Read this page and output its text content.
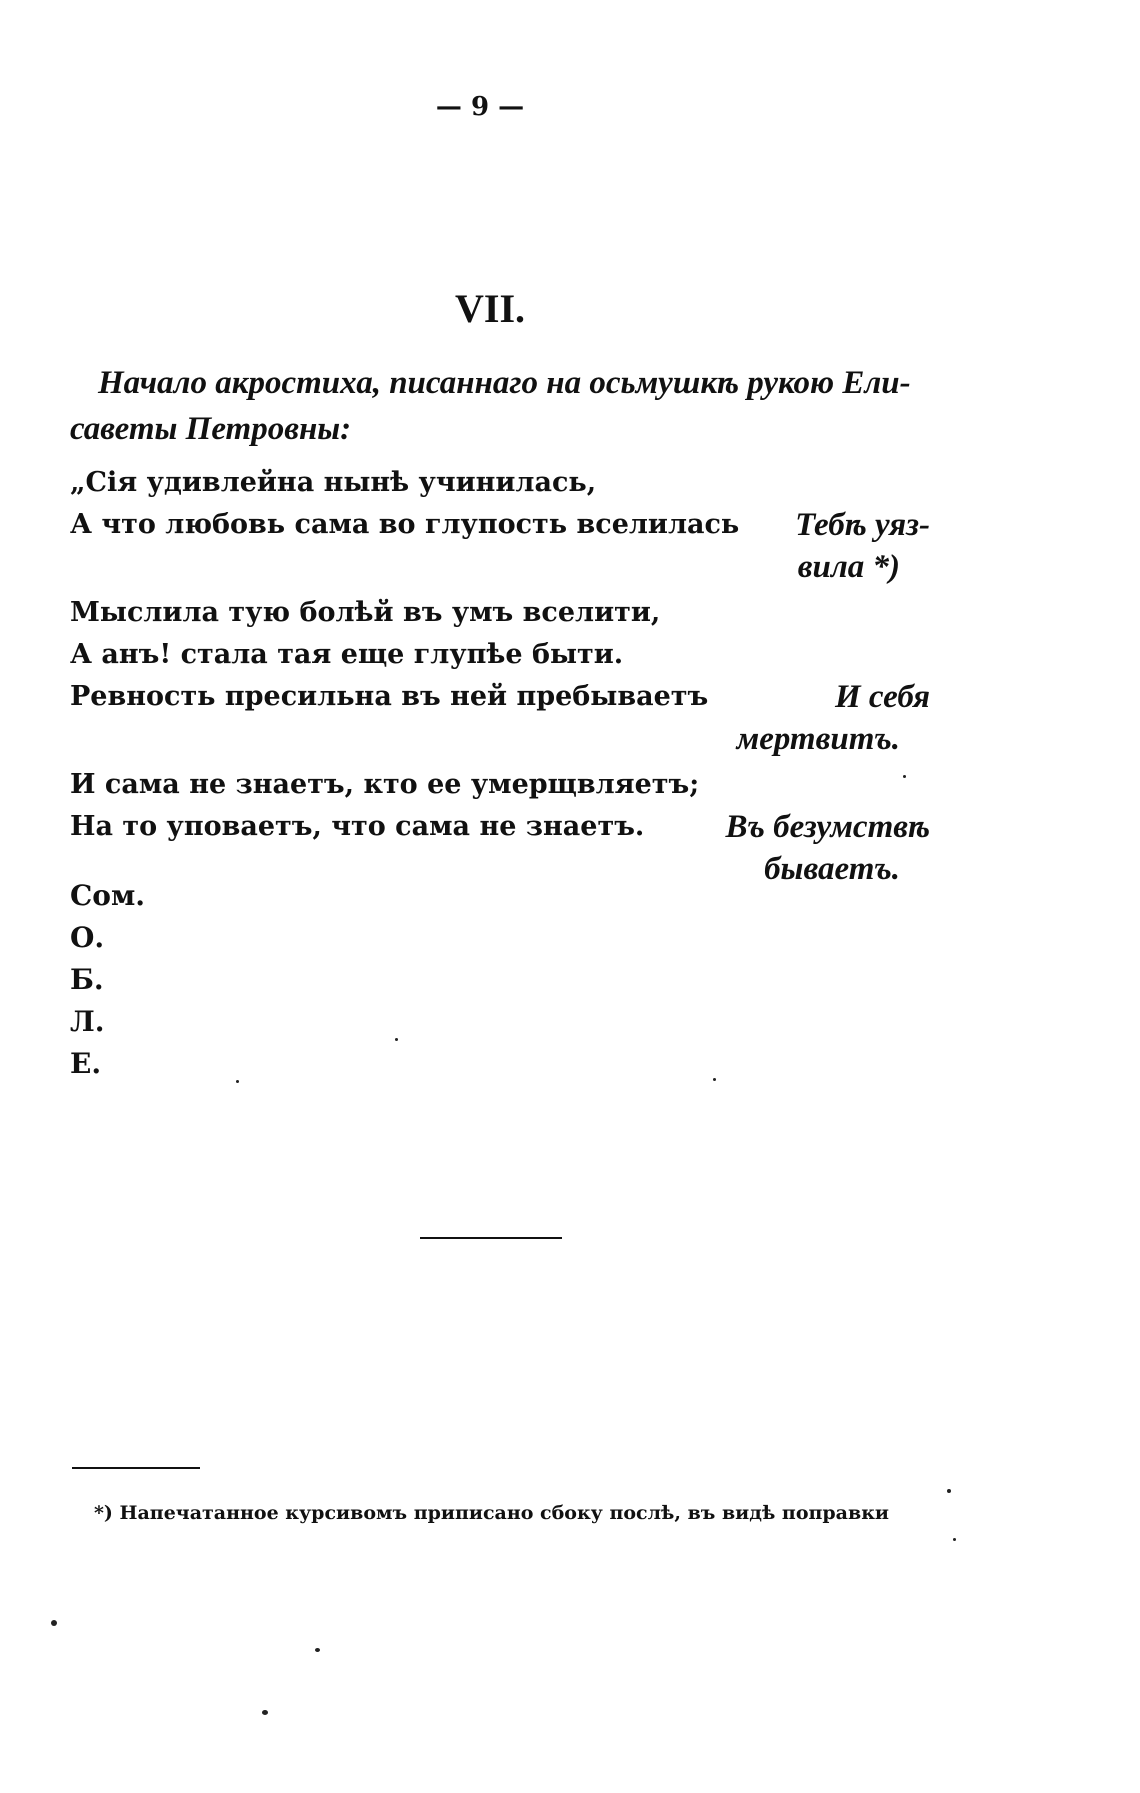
— 9 —
VII.
Начало акростиха, писаннаго на осьмушкѣ рукою Ели-
саветы Петровны:
„Сія удивлейна нынѣ учинилась,
А что любовь сама во глупость вселилась Тебѣ уяз-
вила *)
Мыслила тую болѣй въ умъ вселити,
А анъ! стала тая еще глупѣе быти.
Ревность пресильна въ ней пребываетъ	И себя
мертвитъ.
И сама не знаетъ, кто ее умерщвляетъ;
На то уповаетъ, что сама не знаетъ. Въ безумствѣ
бываетъ.
Сом.
О.
Б.
Л.
Е.
*) Напечатанное курсивомъ приписано сбоку послѣ, въ видѣ поправки
